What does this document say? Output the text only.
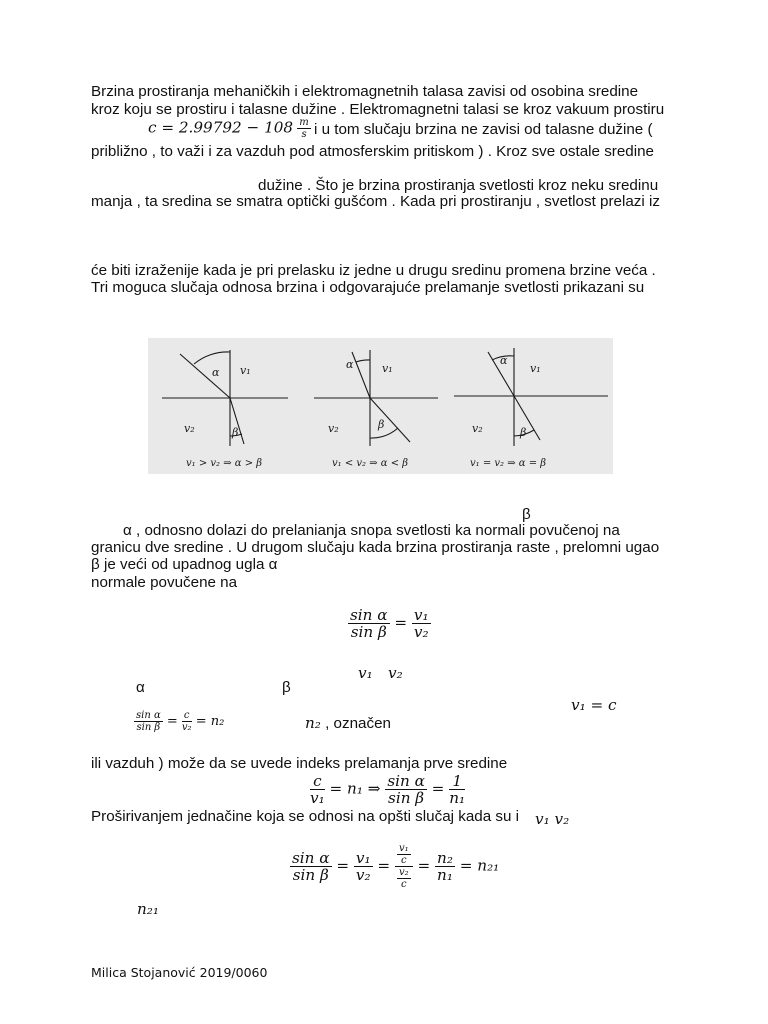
Brzina prostiranja mehaničkih i elektromagnetnih talasa zavisi od osobina sredine
kroz koju se prostiru i talasne dužine . Elektromagnetni talasi se kroz vakuum prostiru
$c = 2.99792 - 108 \frac{m}{s}$ i u tom slučaju brzina ne zavisi od talasne dužine (
približno , to važi i za vazduh pod atmosferskim pritiskom ) . Kroz sve ostale sredine
dužine . Što je brzina prostiranja svetlosti kroz neku sredinu
manja , ta sredina se smatra optički gušćom . Kada pri prostiranju , svetlost prelazi iz
će biti izraženije kada je pri prelasku iz jedne u drugu sredinu promena brzine veća .
Tri moguca slučaja odnosa brzina i odgovarajuće prelamanje svetlosti prikazani su
α v₁
v₂	β
v₁ > v₂ ⇒ α > β
α	v₁
v₂	β
v₁ < v₂ ⇒ α < β
α
v₁
v₂	β
v₁ = v₂ ⇒ α = β
β
α , odnosno dolazi do prelanianja snopa svetlosti ka normali povučenoj na
granicu dve sredine . U drugom slučaju kada brzina prostiranja raste , prelomni ugao
β je veći od upadnog ugla α
normale povučene na
$\frac{\text{sin α}}{\text{sin β}} = \frac{\text{v₁}}{\text{v₂}}$
v₁ v₂
α	β
v₁ = c
$\frac{\text{sin α}}{\text{sin β}} = \frac{c}{\text{v₂}} = n_2$	n₂ , označen
ili vazduh ) može da se uvede indeks prelamanja prve sredine
$\frac{c}{\text{v₁}} = n_1$ ⇒ $\frac{\text{sin α}}{\text{sin β}} = \frac{1}{\text{n₁}}$
Proširivanjem jednačine koja se odnosi na opšti slučaj kada su i v₁ v₂
$\frac{\text{sin α}}{\text{sin β}} = \frac{\text{v₁}}{\text{v₂}} = \frac{\frac{\text{v₁}}{c}}{\frac{\text{v₂}}{c}} = \frac{\text{n₂}}{\text{n₁}} = n_{21}$
n₂₁
Milica Stojanović 2019/0060
